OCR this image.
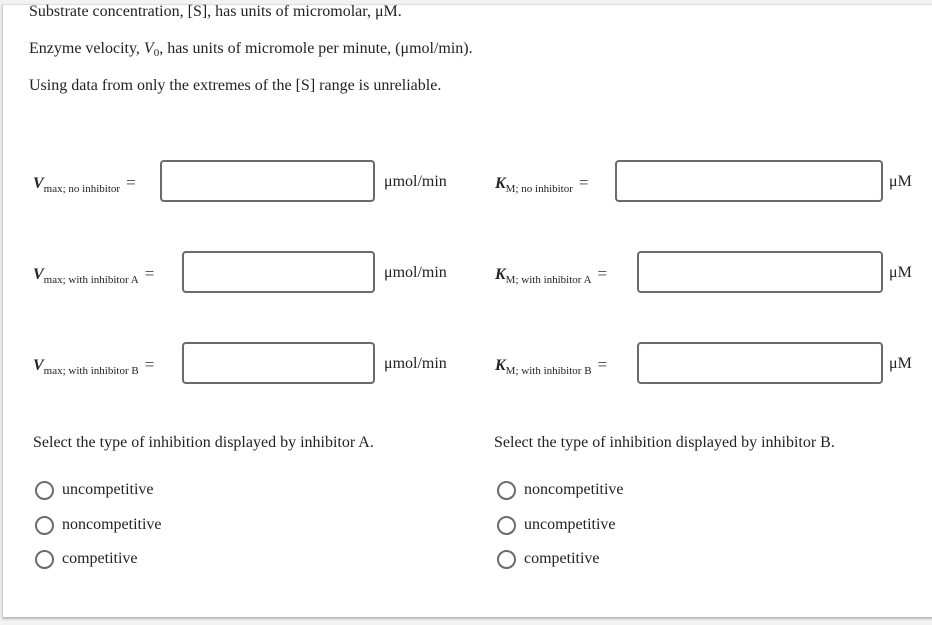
Substrate concentration, [S], has units of micromolar, μM.
Enzyme velocity, $V_0$, has units of micromole per minute, (μmol/min).
Using data from only the extremes of the [S] range is unreliable.
$V_{max; no inhibitor}$ =	μmol/min	$K_{M; no inhibitor}$ =	μM
$V_{max; with inhibitor A}$ =	μmol/min	$K_{M; with inhibitor A}$ =	μM
$V_{max; with inhibitor B}$ =	μmol/min	$K_{M; with inhibitor B}$ =	μM
Select the type of inhibition displayed by inhibitor A.
uncompetitive
noncompetitive
competitive
Select the type of inhibition displayed by inhibitor B.
noncompetitive
uncompetitive
competitive
